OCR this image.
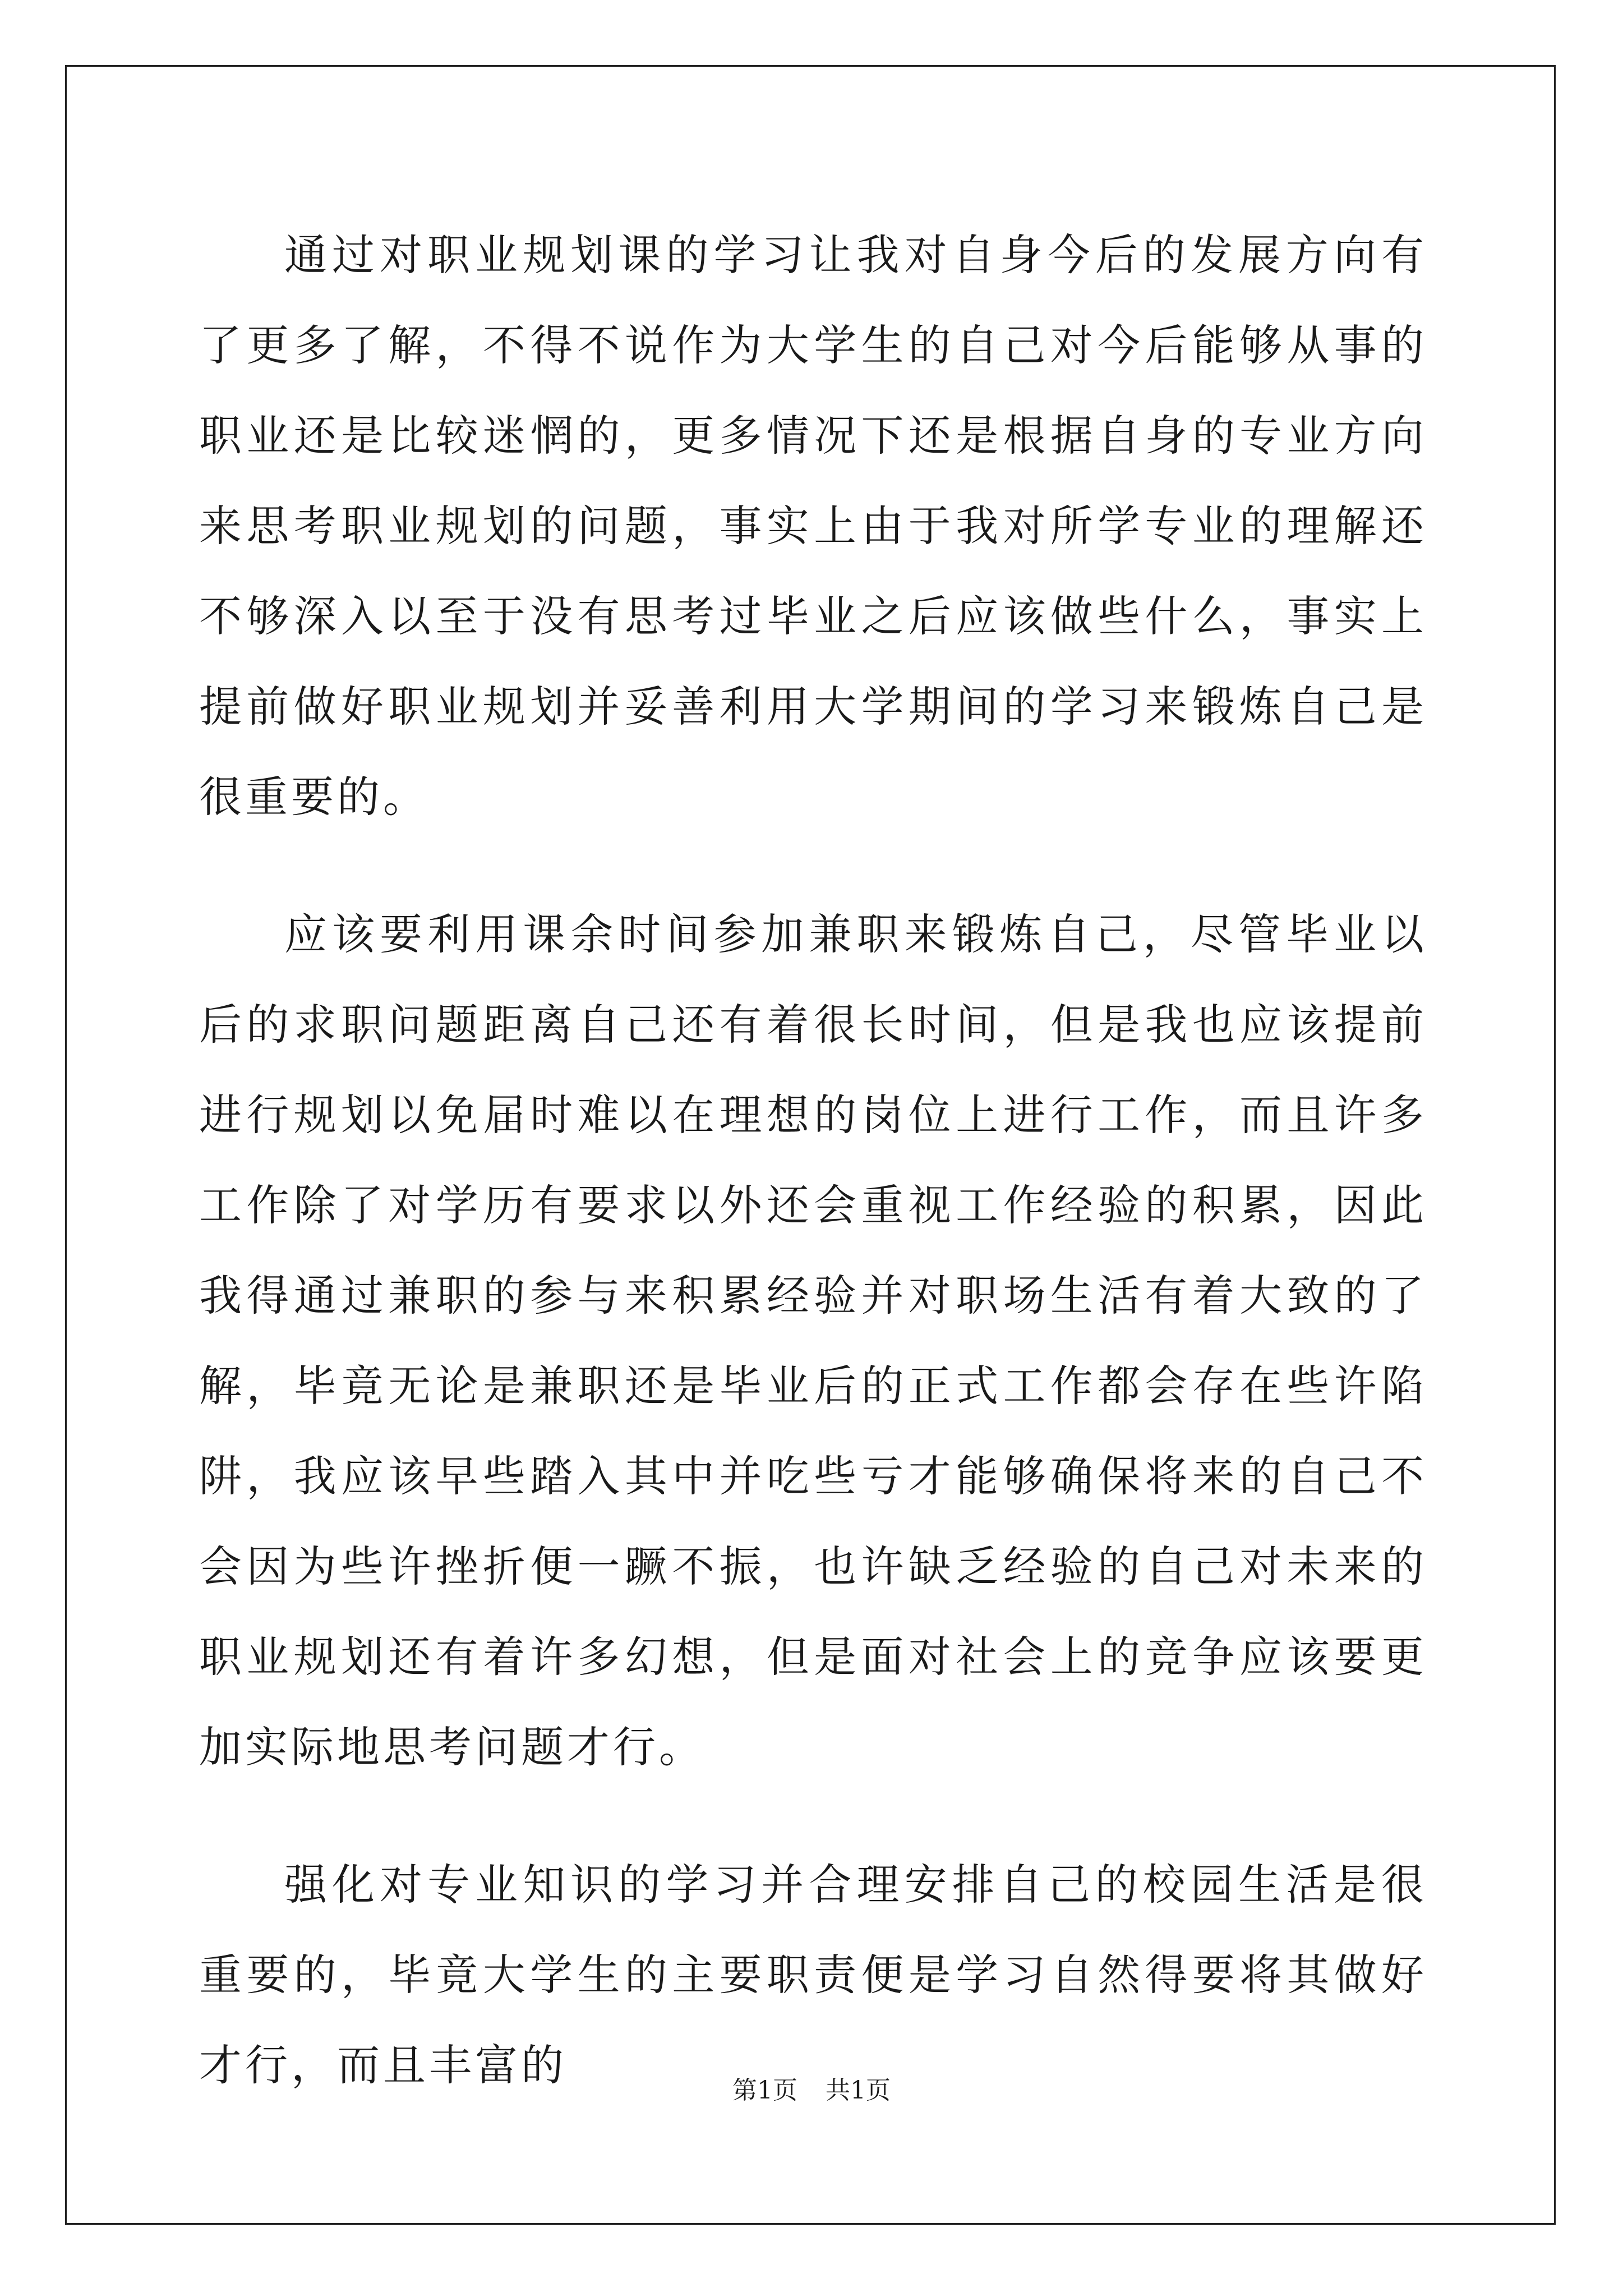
通过对职业规划课的学习让我对自身今后的发展方向有了更多了解，不得不说作为大学生的自己对今后能够从事的职业还是比较迷惘的，更多情况下还是根据自身的专业方向来思考职业规划的问题，事实上由于我对所学专业的理解还不够深入以至于没有思考过毕业之后应该做些什么，事实上提前做好职业规划并妥善利用大学期间的学习来锻炼自己是很重要的。

应该要利用课余时间参加兼职来锻炼自己，尽管毕业以后的求职问题距离自己还有着很长时间，但是我也应该提前进行规划以免届时难以在理想的岗位上进行工作，而且许多工作除了对学历有要求以外还会重视工作经验的积累，因此我得通过兼职的参与来积累经验并对职场生活有着大致的了解，毕竟无论是兼职还是毕业后的正式工作都会存在些许陷阱，我应该早些踏入其中并吃些亏才能够确保将来的自己不会因为些许挫折便一蹶不振，也许缺乏经验的自己对未来的职业规划还有着许多幻想，但是面对社会上的竞争应该要更加实际地思考问题才行。

强化对专业知识的学习并合理安排自己的校园生活是很重要的，毕竟大学生的主要职责便是学习自然得要将其做好才行，而且丰富的

第1页 共1页
